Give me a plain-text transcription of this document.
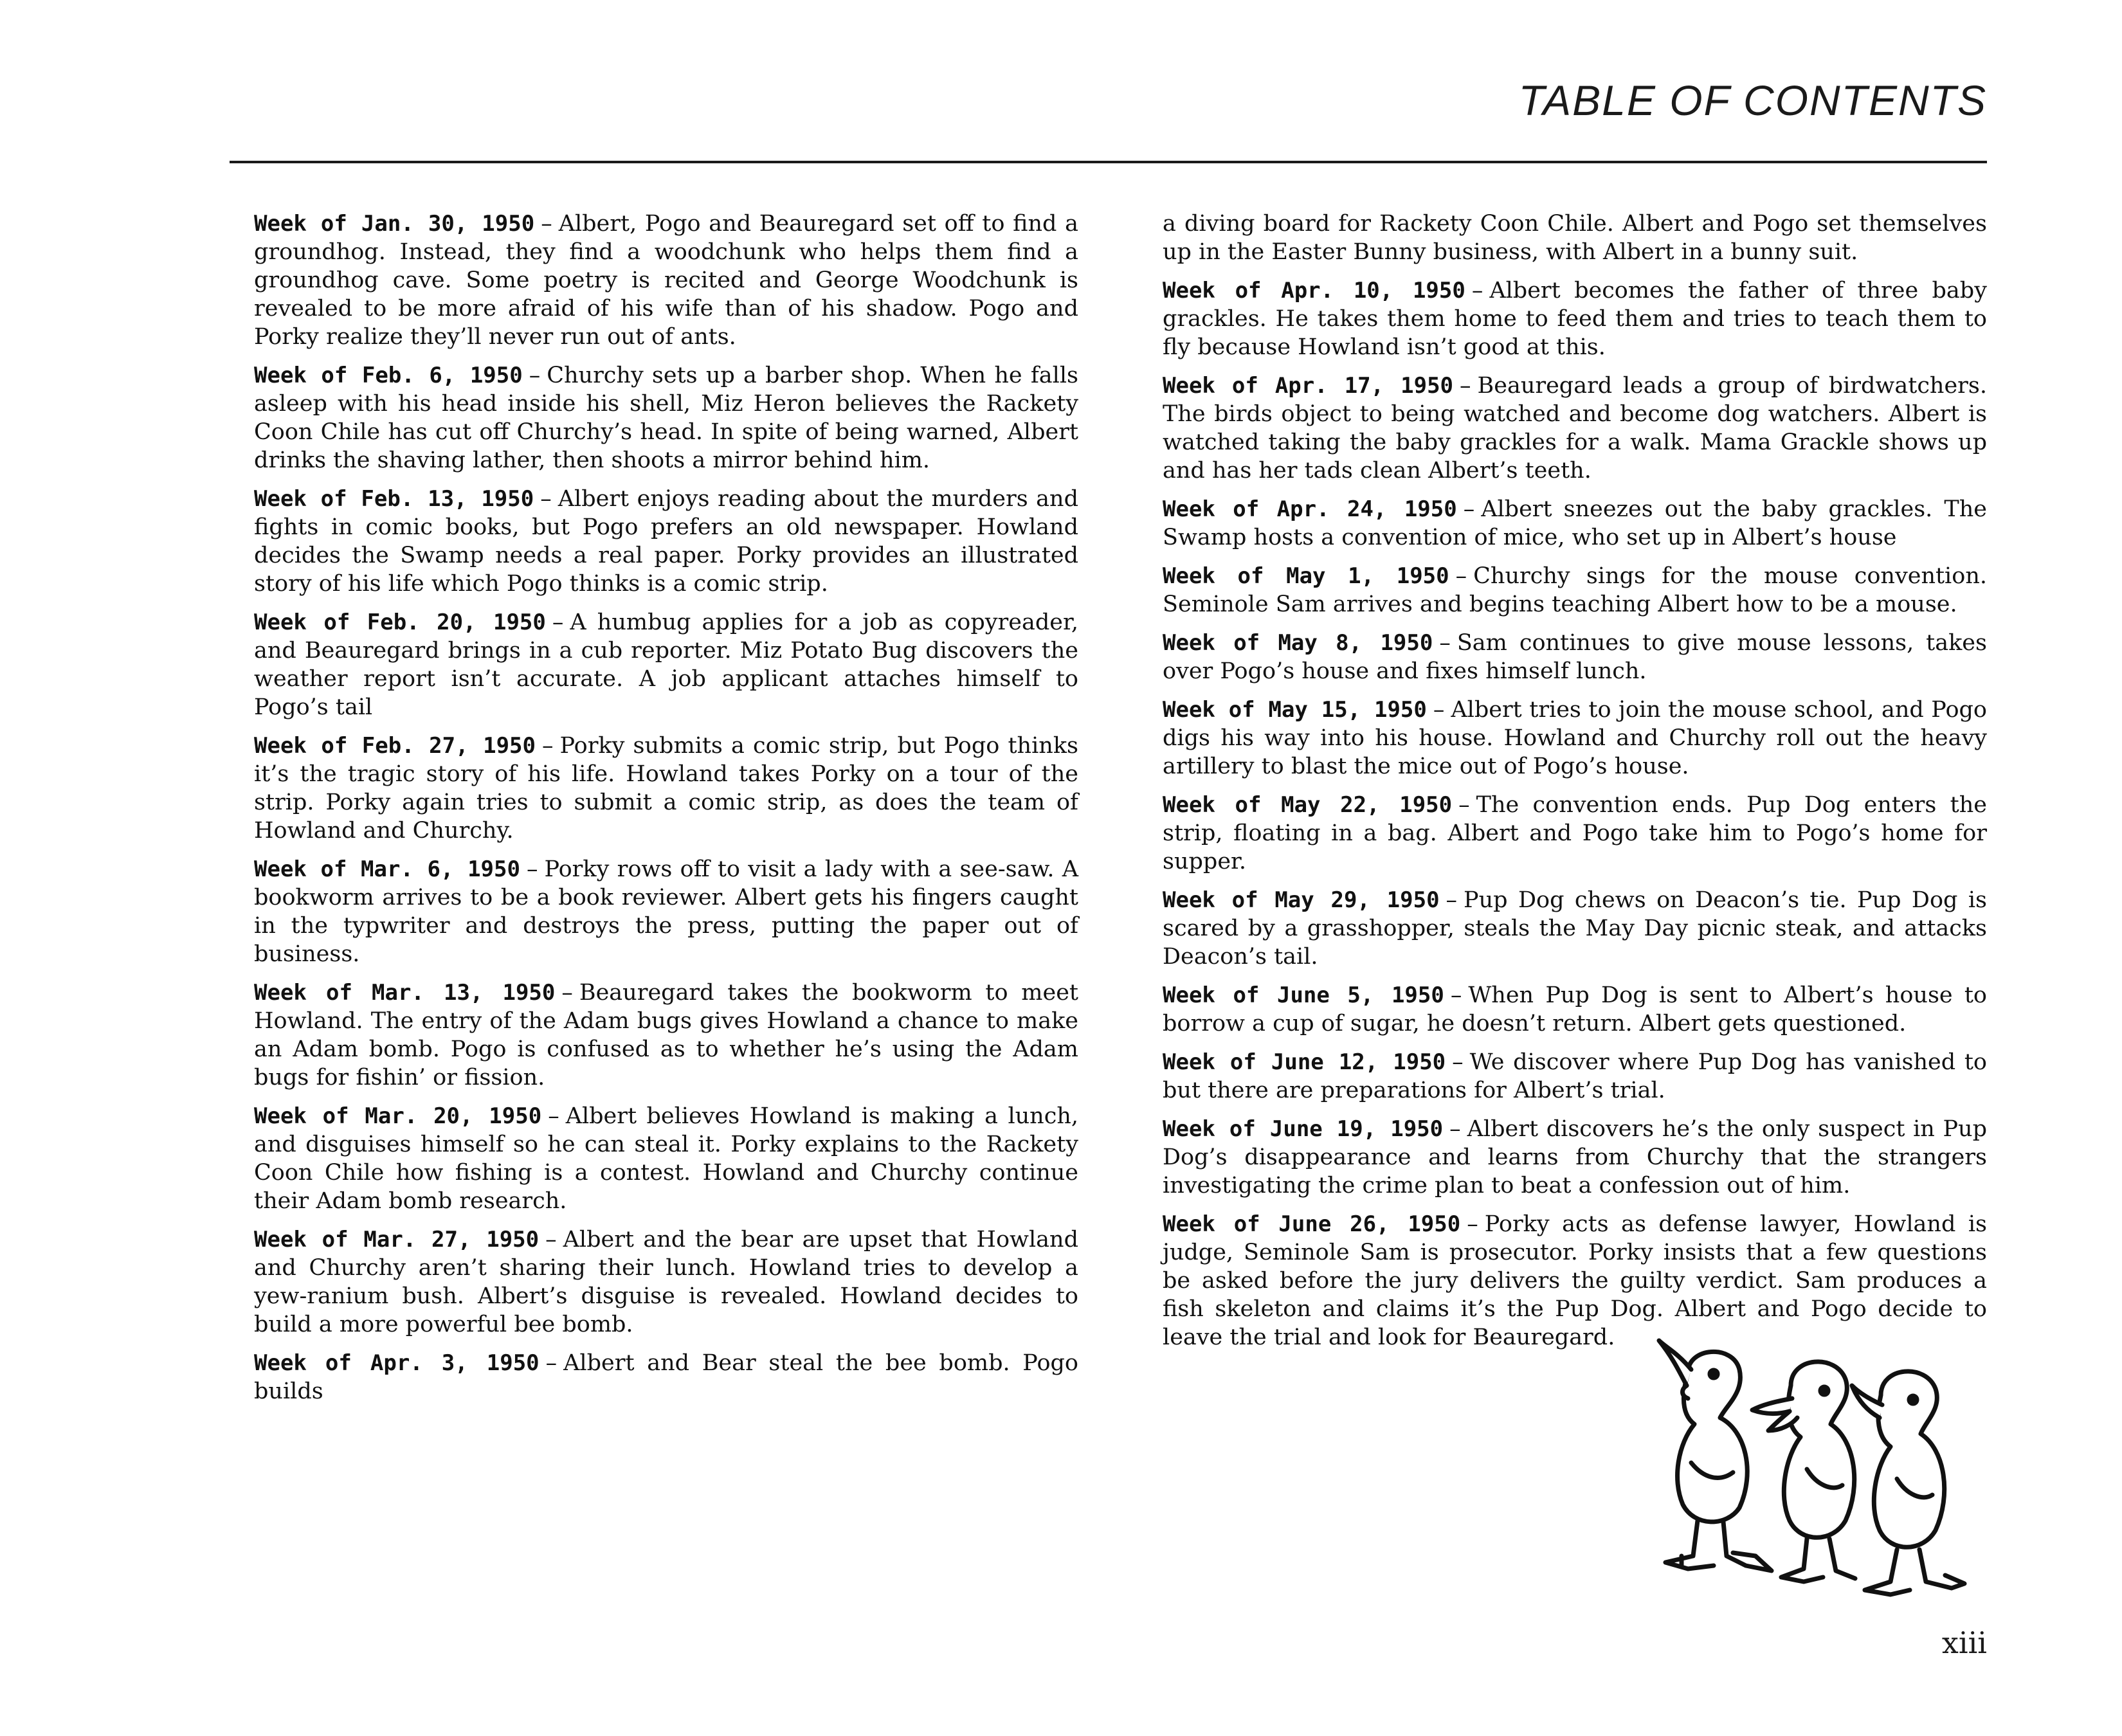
TABLE OF CONTENTS

Week of Jan. 30, 1950 – Albert, Pogo and Beauregard set off to find a groundhog. Instead, they find a woodchunk who helps them find a groundhog cave. Some poetry is recited and George Woodchunk is revealed to be more afraid of his wife than of his shadow. Pogo and Porky realize they’ll never run out of ants.

Week of Feb. 6, 1950 – Churchy sets up a barber shop. When he falls asleep with his head inside his shell, Miz Heron believes the Rackety Coon Chile has cut off Churchy’s head. In spite of being warned, Albert drinks the shaving lather, then shoots a mirror behind him.

Week of Feb. 13, 1950 – Albert enjoys reading about the murders and fights in comic books, but Pogo prefers an old newspaper. Howland decides the Swamp needs a real paper. Porky provides an illustrated story of his life which Pogo thinks is a comic strip.

Week of Feb. 20, 1950 – A humbug applies for a job as copyreader, and Beauregard brings in a cub reporter. Miz Potato Bug discovers the weather report isn’t accurate. A job applicant attaches himself to Pogo’s tail

Week of Feb. 27, 1950 – Porky submits a comic strip, but Pogo thinks it’s the tragic story of his life. Howland takes Porky on a tour of the strip. Porky again tries to submit a comic strip, as does the team of Howland and Churchy.

Week of Mar. 6, 1950 – Porky rows off to visit a lady with a see-saw. A bookworm arrives to be a book reviewer. Albert gets his fingers caught in the typwriter and destroys the press, putting the paper out of business.

Week of Mar. 13, 1950 – Beauregard takes the bookworm to meet Howland. The entry of the Adam bugs gives Howland a chance to make an Adam bomb. Pogo is confused as to whether he’s using the Adam bugs for fishin’ or fission.

Week of Mar. 20, 1950 – Albert believes Howland is making a lunch, and disguises himself so he can steal it. Porky explains to the Rackety Coon Chile how fishing is a contest. Howland and Churchy continue their Adam bomb research.

Week of Mar. 27, 1950 – Albert and the bear are upset that Howland and Churchy aren’t sharing their lunch. Howland tries to develop a yew-ranium bush. Albert’s disguise is revealed. Howland decides to build a more powerful bee bomb.

Week of Apr. 3, 1950 – Albert and Bear steal the bee bomb. Pogo builds

a diving board for Rackety Coon Chile. Albert and Pogo set themselves up in the Easter Bunny business, with Albert in a bunny suit.

Week of Apr. 10, 1950 – Albert becomes the father of three baby grackles. He takes them home to feed them and tries to teach them to fly because Howland isn’t good at this.

Week of Apr. 17, 1950 – Beauregard leads a group of birdwatchers. The birds object to being watched and become dog watchers. Albert is watched taking the baby grackles for a walk. Mama Grackle shows up and has her tads clean Albert’s teeth.

Week of Apr. 24, 1950 – Albert sneezes out the baby grackles. The Swamp hosts a convention of mice, who set up in Albert’s house

Week of May 1, 1950 – Churchy sings for the mouse convention. Seminole Sam arrives and begins teaching Albert how to be a mouse.

Week of May 8, 1950 – Sam continues to give mouse lessons, takes over Pogo’s house and fixes himself lunch.

Week of May 15, 1950 – Albert tries to join the mouse school, and Pogo digs his way into his house. Howland and Churchy roll out the heavy artillery to blast the mice out of Pogo’s house.

Week of May 22, 1950 – The convention ends. Pup Dog enters the strip, floating in a bag. Albert and Pogo take him to Pogo’s home for supper.

Week of May 29, 1950 – Pup Dog chews on Deacon’s tie. Pup Dog is scared by a grasshopper, steals the May Day picnic steak, and attacks Deacon’s tail.

Week of June 5, 1950 – When Pup Dog is sent to Albert’s house to borrow a cup of sugar, he doesn’t return. Albert gets questioned.

Week of June 12, 1950 – We discover where Pup Dog has vanished to but there are preparations for Albert’s trial.

Week of June 19, 1950 – Albert discovers he’s the only suspect in Pup Dog’s disappearance and learns from Churchy that the strangers investigating the crime plan to beat a confession out of him.

Week of June 26, 1950 – Porky acts as defense lawyer, Howland is judge, Seminole Sam is prosecutor. Porky insists that a few questions be asked before the jury delivers the guilty verdict. Sam produces a fish skeleton and claims it’s the Pup Dog. Albert and Pogo decide to leave the trial and look for Beauregard.

xiii
